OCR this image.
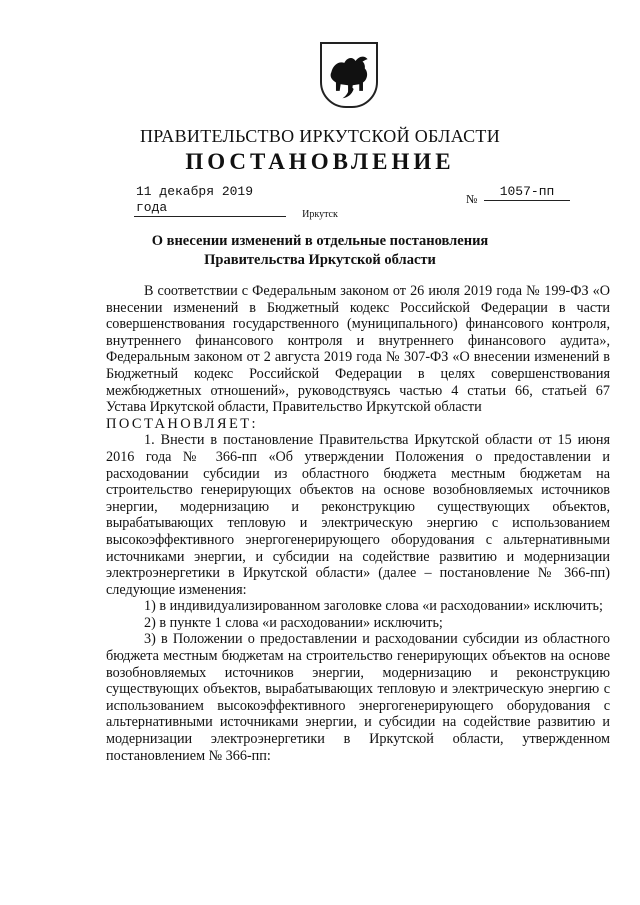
ПРАВИТЕЛЬСТВО ИРКУТСКОЙ ОБЛАСТИ
ПОСТАНОВЛЕНИЕ
11 декабря 2019 года
№	1057-пп
Иркутск
О внесении изменений в отдельные постановления Правительства Иркутской области

В соответствии с Федеральным законом от 26 июля 2019 года № 199-ФЗ «О внесении изменений в Бюджетный кодекс Российской Федерации в части совершенствования государственного (муниципального) финансового контроля, внутреннего финансового контроля и внутреннего финансового аудита», Федеральным законом от 2 августа 2019 года № 307-ФЗ «О внесении изменений в Бюджетный кодекс Российской Федерации в целях совершенствования межбюджетных отношений», руководствуясь частью 4 статьи 66, статьей 67 Устава Иркутской области, Правительство Иркутской области

ПОСТАНОВЛЯЕТ:

1. Внести в постановление Правительства Иркутской области от 15 июня 2016 года № 366-пп «Об утверждении Положения о предоставлении и расходовании субсидии из областного бюджета местным бюджетам на строительство генерирующих объектов на основе возобновляемых источников энергии, модернизацию и реконструкцию существующих объектов, вырабатывающих тепловую и электрическую энергию с использованием высокоэффективного энергогенерирующего оборудования с альтернативными источниками энергии, и субсидии на содействие развитию и модернизации электроэнергетики в Иркутской области» (далее – постановление № 366-пп) следующие изменения:

1) в индивидуализированном заголовке слова «и расходовании» исключить;

2) в пункте 1 слова «и расходовании» исключить;

3) в Положении о предоставлении и расходовании субсидии из областного бюджета местным бюджетам на строительство генерирующих объектов на основе возобновляемых источников энергии, модернизацию и реконструкцию существующих объектов, вырабатывающих тепловую и электрическую энергию с использованием высокоэффективного энергогенерирующего оборудования с альтернативными источниками энергии, и субсидии на содействие развитию и модернизации электроэнергетики в Иркутской области, утвержденном постановлением № 366-пп:
